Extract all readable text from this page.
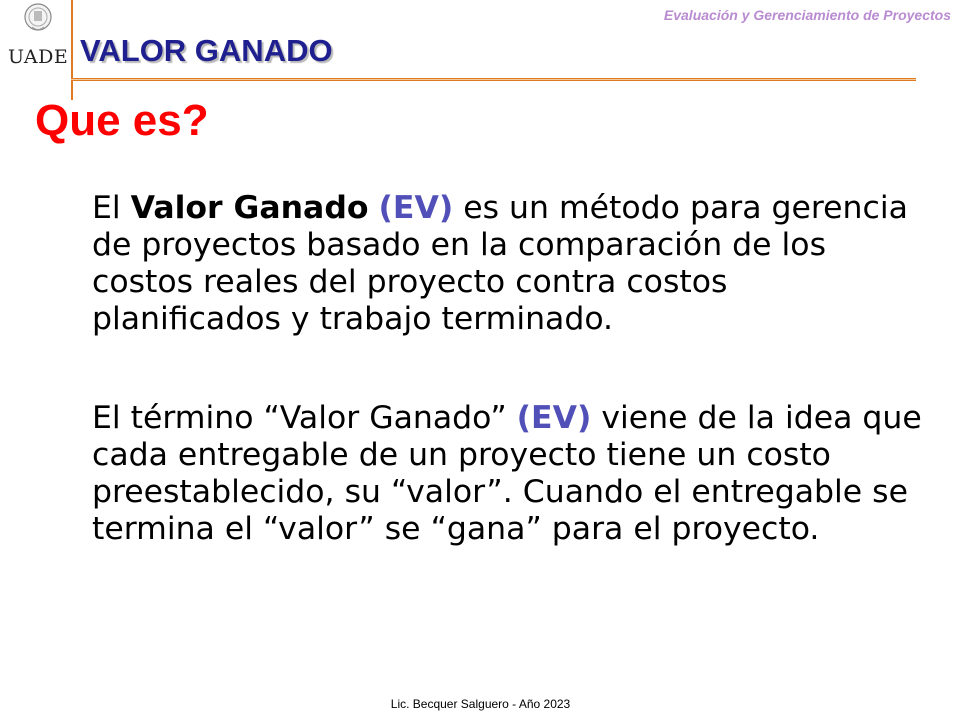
UADE
Evaluación y Gerenciamiento de Proyectos
VALOR GANADO
Que es?

El Valor Ganado (EV) es un método para gerencia de proyectos basado en la comparación de los costos reales del proyecto contra costos planificados y trabajo terminado.

El término “Valor Ganado” (EV) viene de la idea que cada entregable de un proyecto tiene un costo preestablecido, su “valor”. Cuando el entregable se termina el “valor” se “gana” para el proyecto.

Lic. Becquer Salguero - Año 2023
